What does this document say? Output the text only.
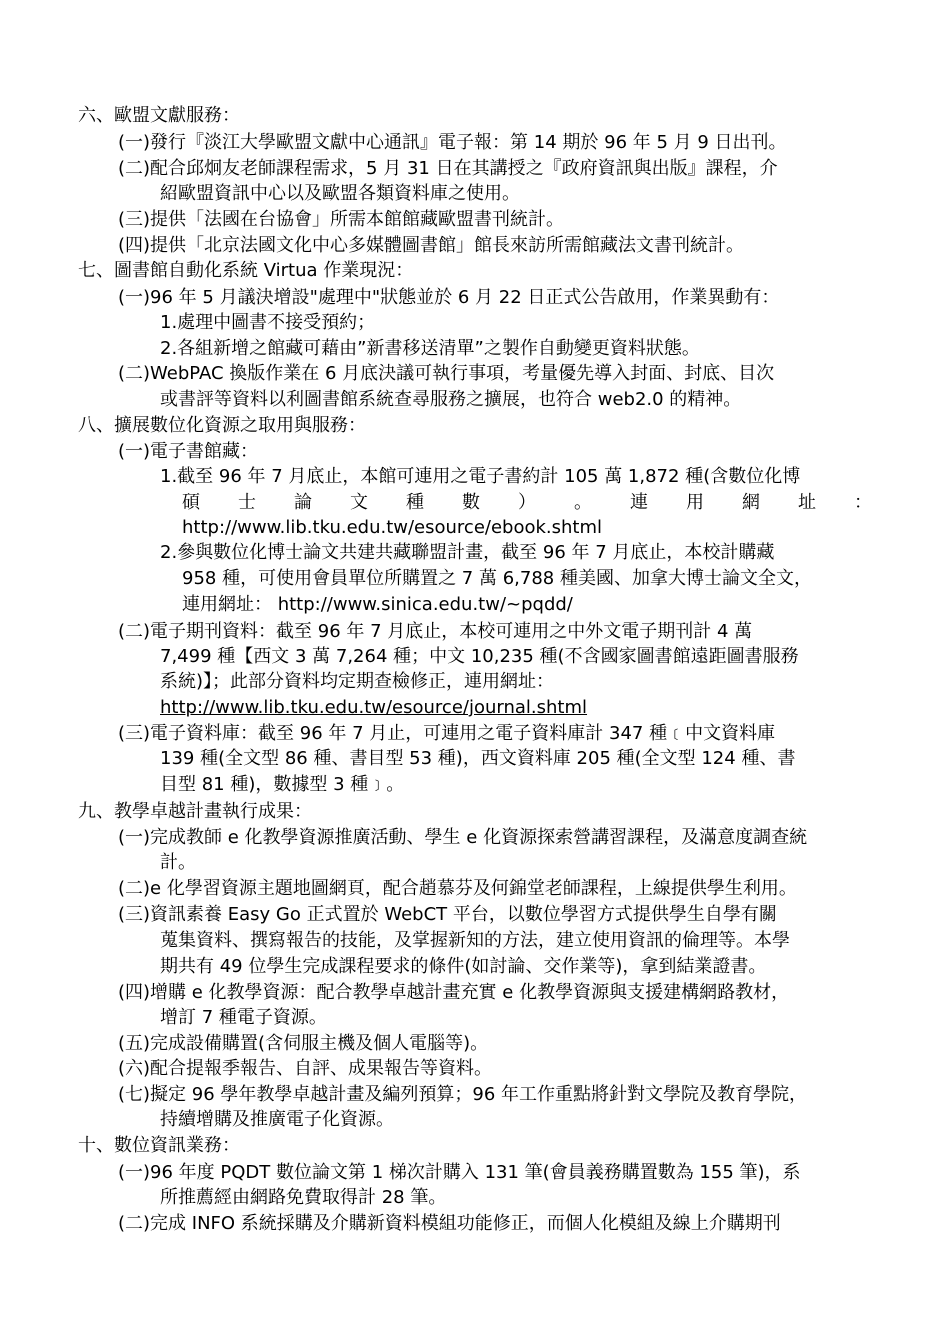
六、歐盟文獻服務：
(一)發行『淡江大學歐盟文獻中心通訊』電子報：第 14 期於 96 年 5 月 9 日出刊。
(二)配合邱炯友老師課程需求，5 月 31 日在其講授之『政府資訊與出版』課程，介
紹歐盟資訊中心以及歐盟各類資料庫之使用。
(三)提供「法國在台協會」所需本館館藏歐盟書刊統計。
(四)提供「北京法國文化中心多媒體圖書館」館長來訪所需館藏法文書刊統計。
七、圖書館自動化系統 Virtua 作業現況：
(一)96 年 5 月議決增設"處理中"狀態並於 6 月 22 日正式公告啟用，作業異動有：
1.處理中圖書不接受預約；
2.各組新增之館藏可藉由”新書移送清單”之製作自動變更資料狀態。
(二)WebPAC 換版作業在 6 月底決議可執行事項，考量優先導入封面、封底、目次
或書評等資料以利圖書館系統查尋服務之擴展，也符合 web2.0 的精神。
八、擴展數位化資源之取用與服務：
(一)電子書館藏：
1.截至 96 年 7 月底止，本館可連用之電子書約計 105 萬 1,872 種(含數位化博
碩 士 論 文 種 數 ） 。 連 用 網 址 ：
http://www.lib.tku.edu.tw/esource/ebook.shtml
2.參與數位化博士論文共建共藏聯盟計畫，截至 96 年 7 月底止，本校計購藏
958 種，可使用會員單位所購置之 7 萬 6,788 種美國、加拿大博士論文全文，
連用網址： http://www.sinica.edu.tw/~pqdd/
(二)電子期刊資料：截至 96 年 7 月底止，本校可連用之中外文電子期刊計 4 萬
7,499 種【西文 3 萬 7,264 種；中文 10,235 種(不含國家圖書館遠距圖書服務
系統)】；此部分資料均定期查檢修正，連用網址：
http://www.lib.tku.edu.tw/esource/journal.shtml
(三)電子資料庫：截至 96 年 7 月止，可連用之電子資料庫計 347 種﹝中文資料庫
139 種(全文型 86 種、書目型 53 種)，西文資料庫 205 種(全文型 124 種、書
目型 81 種)，數據型 3 種﹞。
九、教學卓越計畫執行成果：
(一)完成教師 e 化教學資源推廣活動、學生 e 化資源探索營講習課程，及滿意度調查統
計。
(二)e 化學習資源主題地圖網頁，配合趙慕芬及何錦堂老師課程，上線提供學生利用。
(三)資訊素養 Easy Go 正式置於 WebCT 平台，以數位學習方式提供學生自學有關
蒐集資料、撰寫報告的技能，及掌握新知的方法，建立使用資訊的倫理等。本學
期共有 49 位學生完成課程要求的條件(如討論、交作業等)，拿到結業證書。
(四)增購 e 化教學資源：配合教學卓越計畫充實 e 化教學資源與支援建構網路教材，
增訂 7 種電子資源。
(五)完成設備購置(含伺服主機及個人電腦等)。
(六)配合提報季報告、自評、成果報告等資料。
(七)擬定 96 學年教學卓越計畫及編列預算；96 年工作重點將針對文學院及教育學院，
持續增購及推廣電子化資源。
十、數位資訊業務：
(一)96 年度 PQDT 數位論文第 1 梯次計購入 131 筆(會員義務購置數為 155 筆)，系
所推薦經由網路免費取得計 28 筆。
(二)完成 INFO 系統採購及介購新資料模組功能修正，而個人化模組及線上介購期刊
